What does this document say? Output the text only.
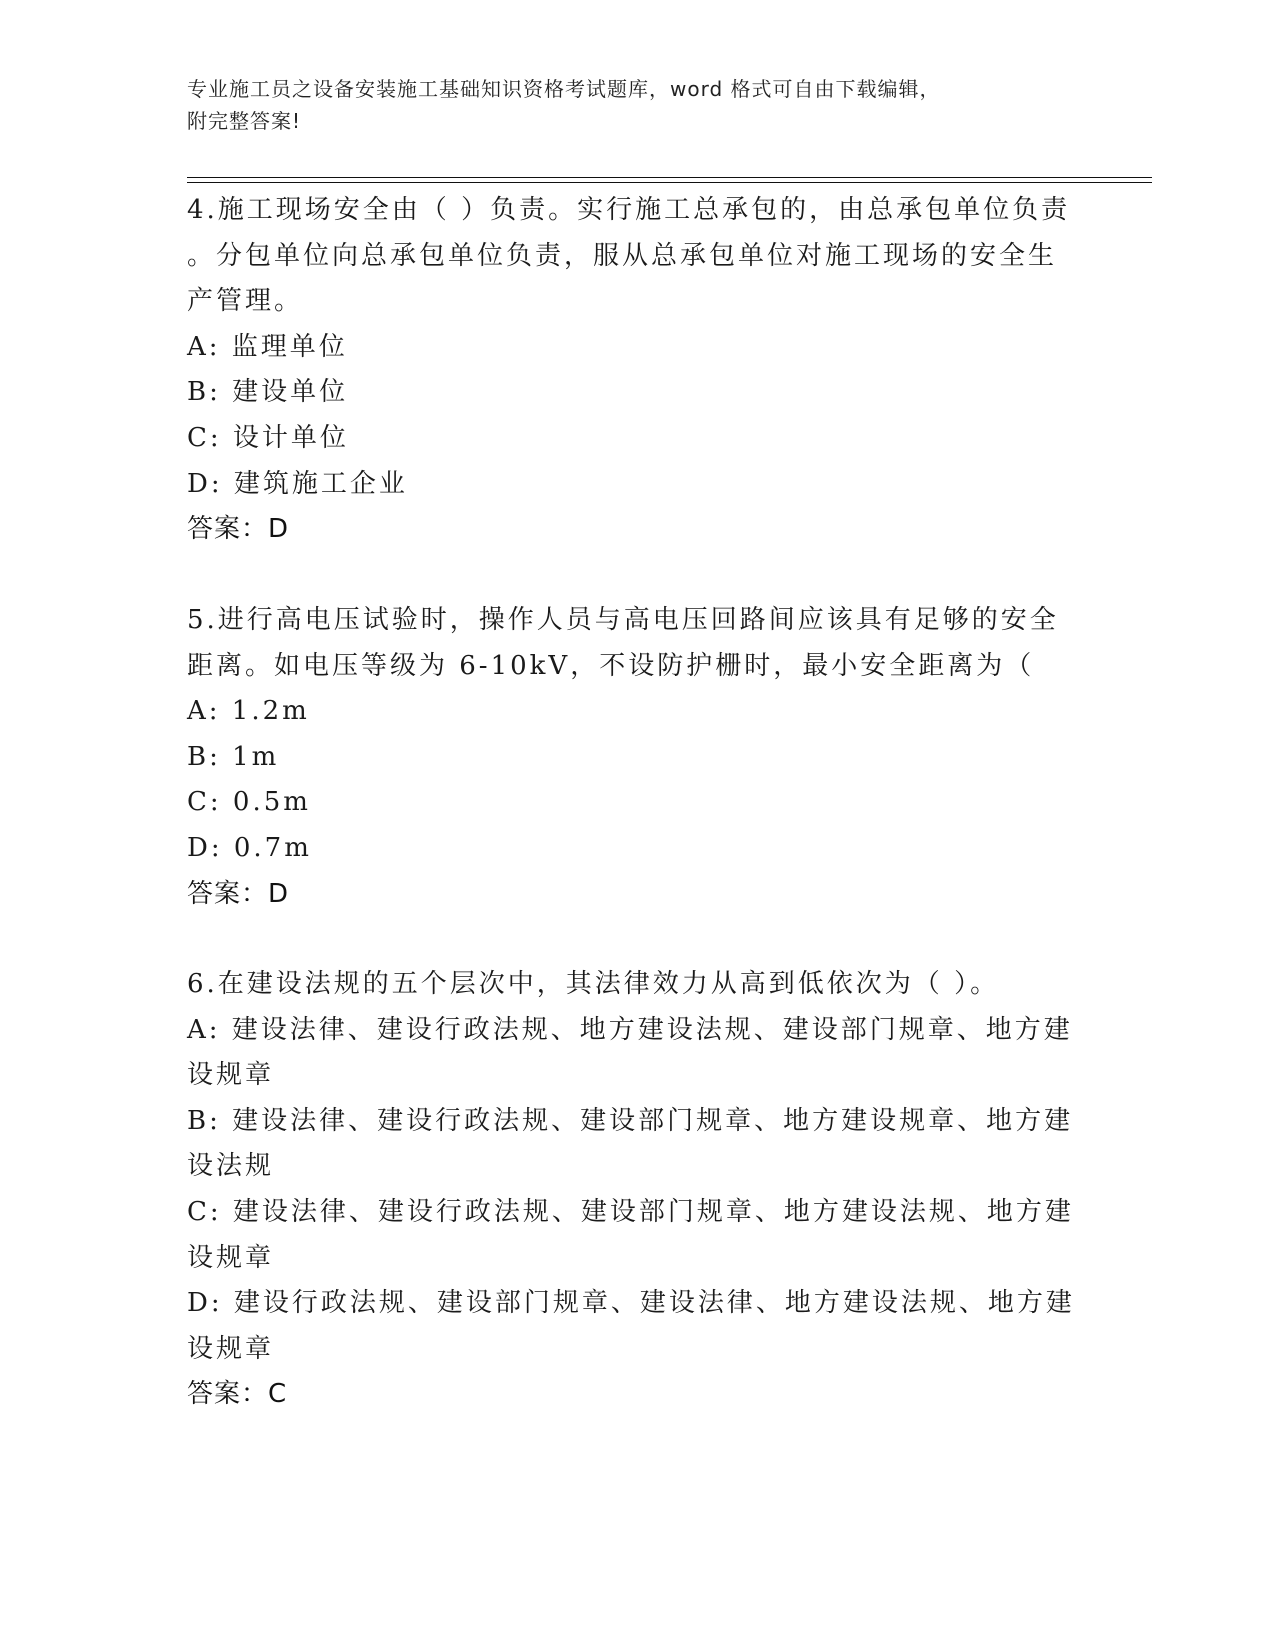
专业施工员之设备安装施工基础知识资格考试题库，word 格式可自由下载编辑，
附完整答案!
4.施工现场安全由（ ）负责。实行施工总承包的，由总承包单位负责
。分包单位向总承包单位负责，服从总承包单位对施工现场的安全生
产管理。
A: 监理单位
B: 建设单位
C: 设计单位
D: 建筑施工企业
答案：D
5.进行高电压试验时，操作人员与高电压回路间应该具有足够的安全
距离。如电压等级为 6-10kV，不设防护栅时，最小安全距离为（
A: 1.2m
B: 1m
C: 0.5m
D: 0.7m
答案：D
6.在建设法规的五个层次中，其法律效力从高到低依次为（ ）。
A: 建设法律、建设行政法规、地方建设法规、建设部门规章、地方建
设规章
B: 建设法律、建设行政法规、建设部门规章、地方建设规章、地方建
设法规
C: 建设法律、建设行政法规、建设部门规章、地方建设法规、地方建
设规章
D: 建设行政法规、建设部门规章、建设法律、地方建设法规、地方建
设规章
答案：C
